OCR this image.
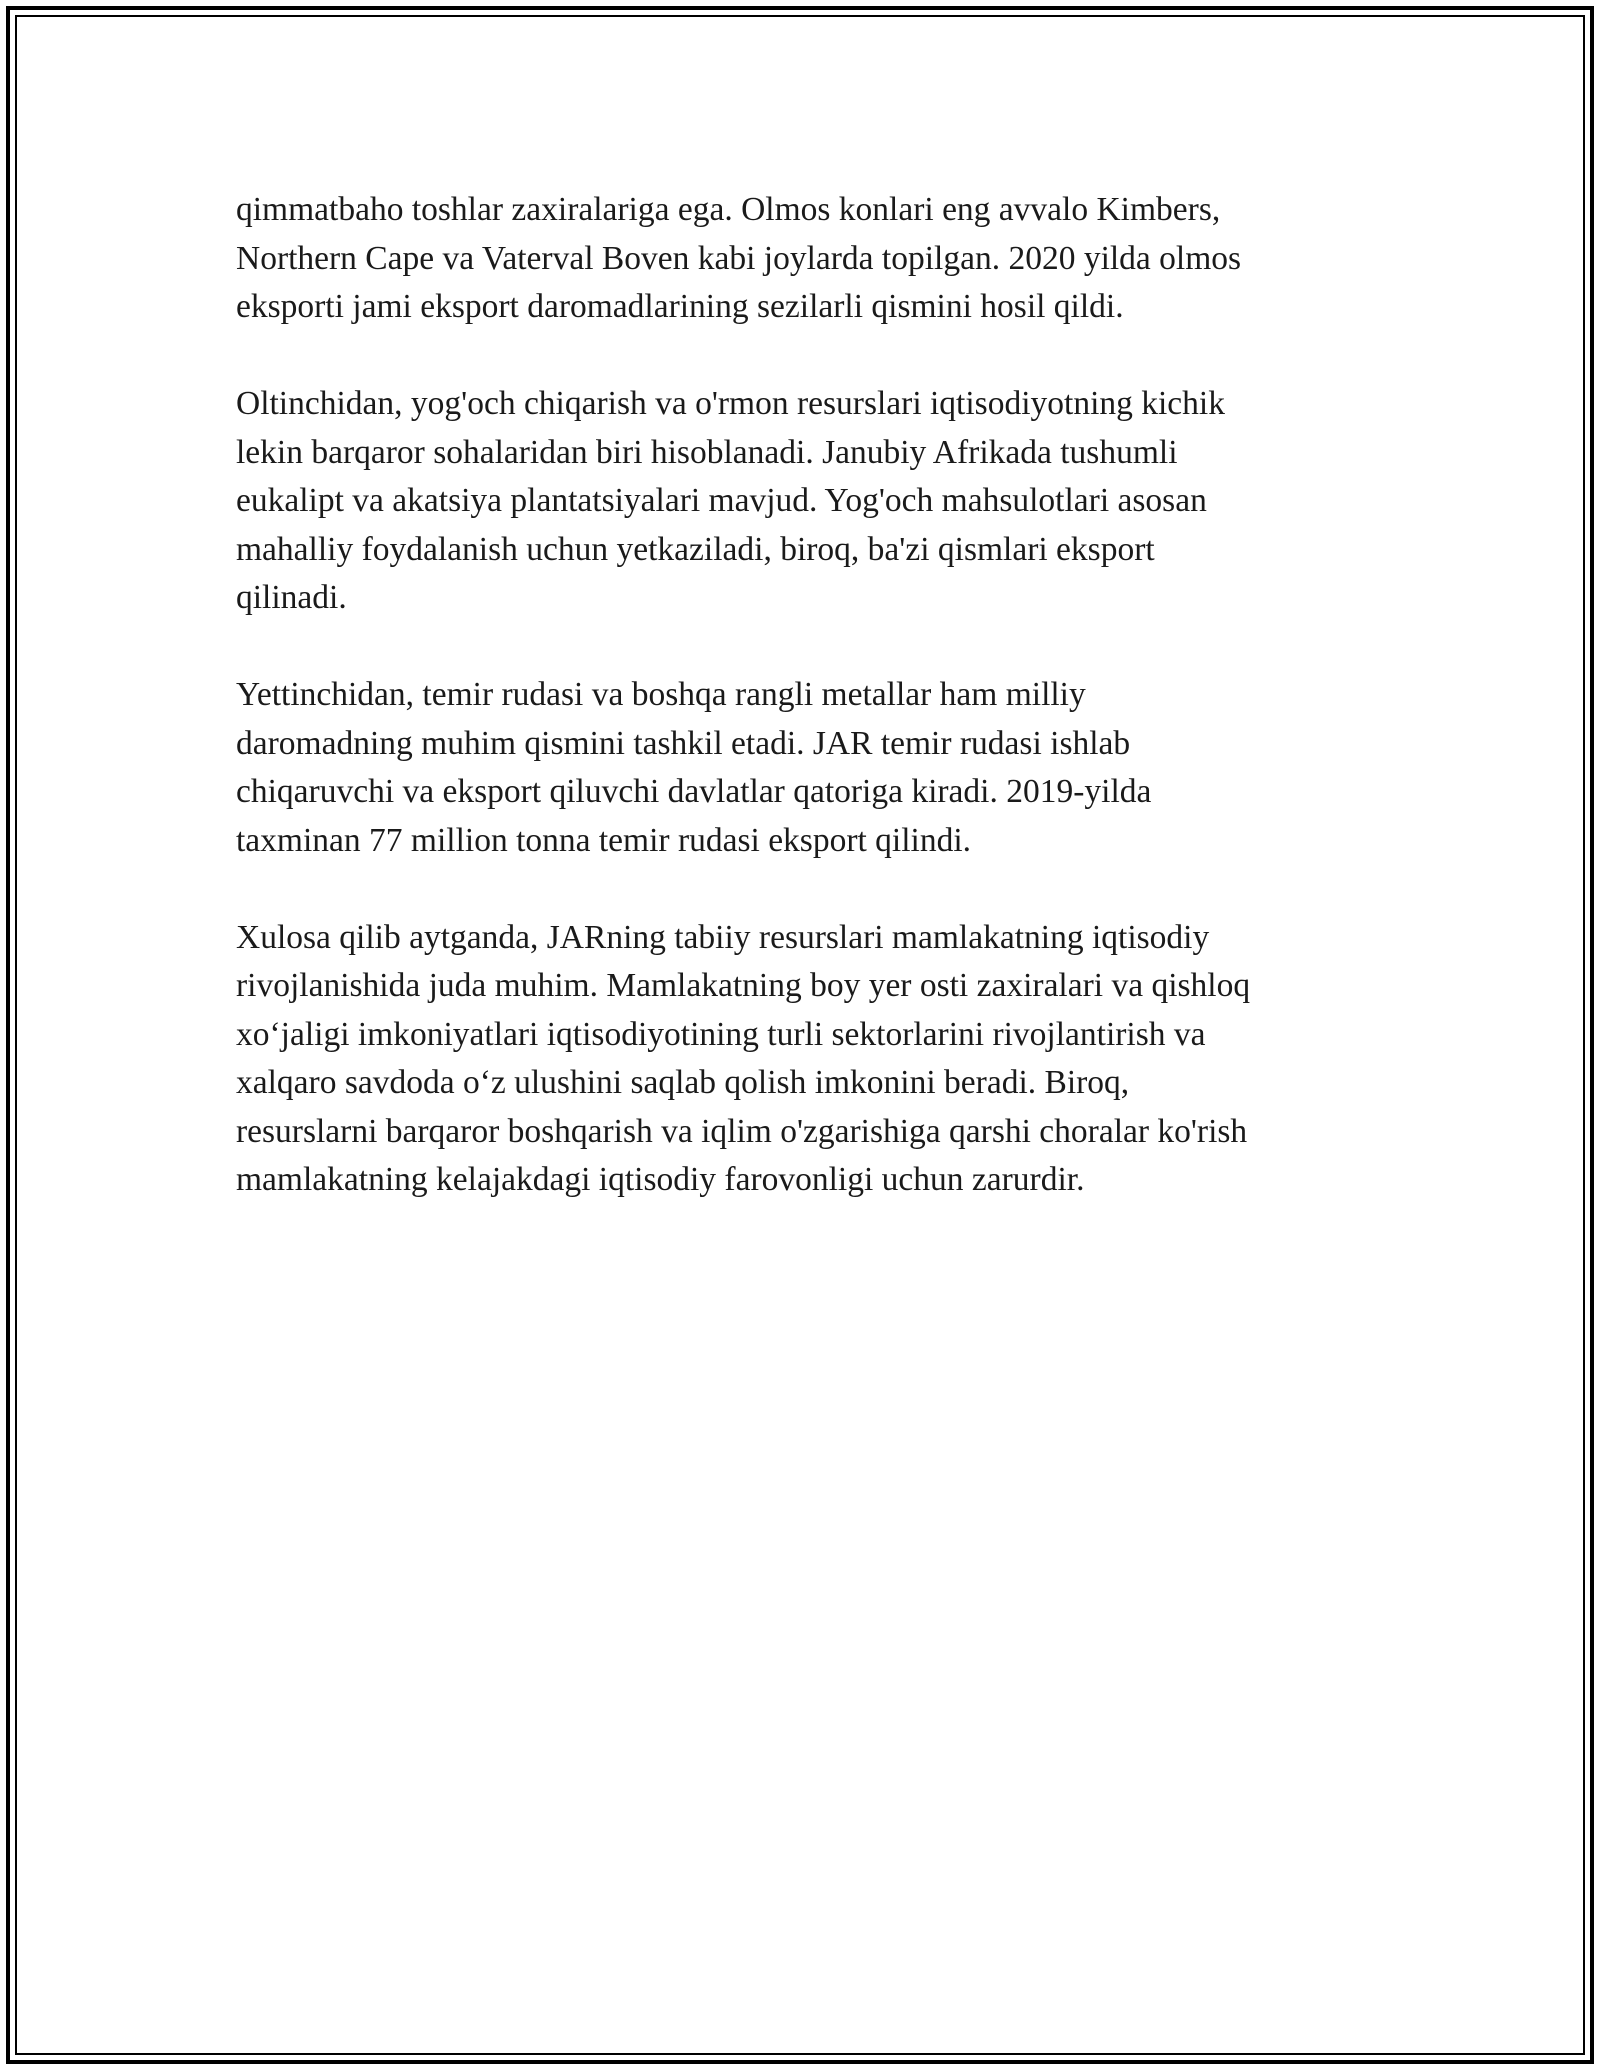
qimmatbaho toshlar zaxiralariga ega. Olmos konlari eng avvalo Kimbers,
Northern Cape va Vaterval Boven kabi joylarda topilgan. 2020 yilda olmos
eksporti jami eksport daromadlarining sezilarli qismini hosil qildi.

Oltinchidan, yog'och chiqarish va o'rmon resurslari iqtisodiyotning kichik
lekin barqaror sohalaridan biri hisoblanadi. Janubiy Afrikada tushumli
eukalipt va akatsiya plantatsiyalari mavjud. Yog'och mahsulotlari asosan
mahalliy foydalanish uchun yetkaziladi, biroq, ba'zi qismlari eksport
qilinadi.

Yettinchidan, temir rudasi va boshqa rangli metallar ham milliy
daromadning muhim qismini tashkil etadi. JAR temir rudasi ishlab
chiqaruvchi va eksport qiluvchi davlatlar qatoriga kiradi. 2019-yilda
taxminan 77 million tonna temir rudasi eksport qilindi.

Xulosa qilib aytganda, JARning tabiiy resurslari mamlakatning iqtisodiy
rivojlanishida juda muhim. Mamlakatning boy yer osti zaxiralari va qishloq
xo‘jaligi imkoniyatlari iqtisodiyotining turli sektorlarini rivojlantirish va
xalqaro savdoda o‘z ulushini saqlab qolish imkonini beradi. Biroq,
resurslarni barqaror boshqarish va iqlim o'zgarishiga qarshi choralar ko'rish
mamlakatning kelajakdagi iqtisodiy farovonligi uchun zarurdir.
